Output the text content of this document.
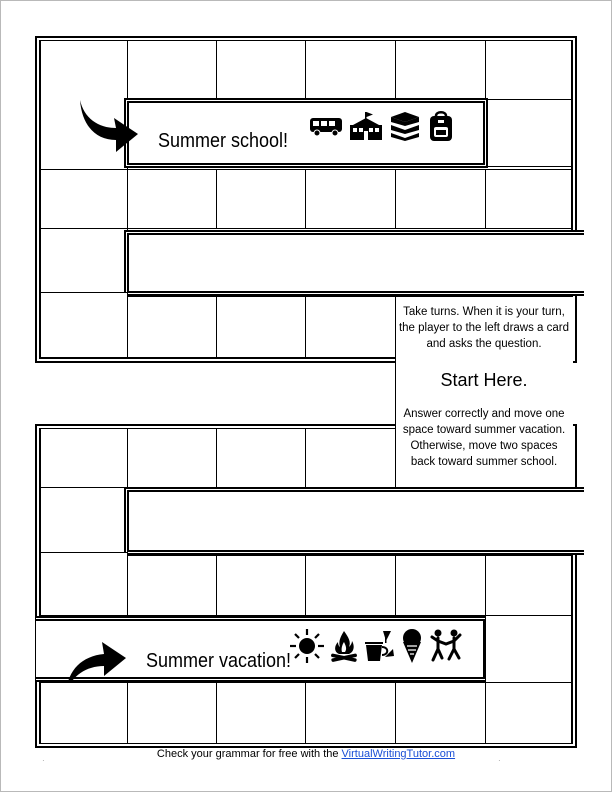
Summer school!
Summer vacation!
Take turns. When it is your turn, the player to the left draws a card and asks the question.
Start Here.
Answer correctly and move one space toward summer vacation. Otherwise, move two spaces back toward summer school.
Check your grammar for free with the VirtualWritingTutor.com
·	·
